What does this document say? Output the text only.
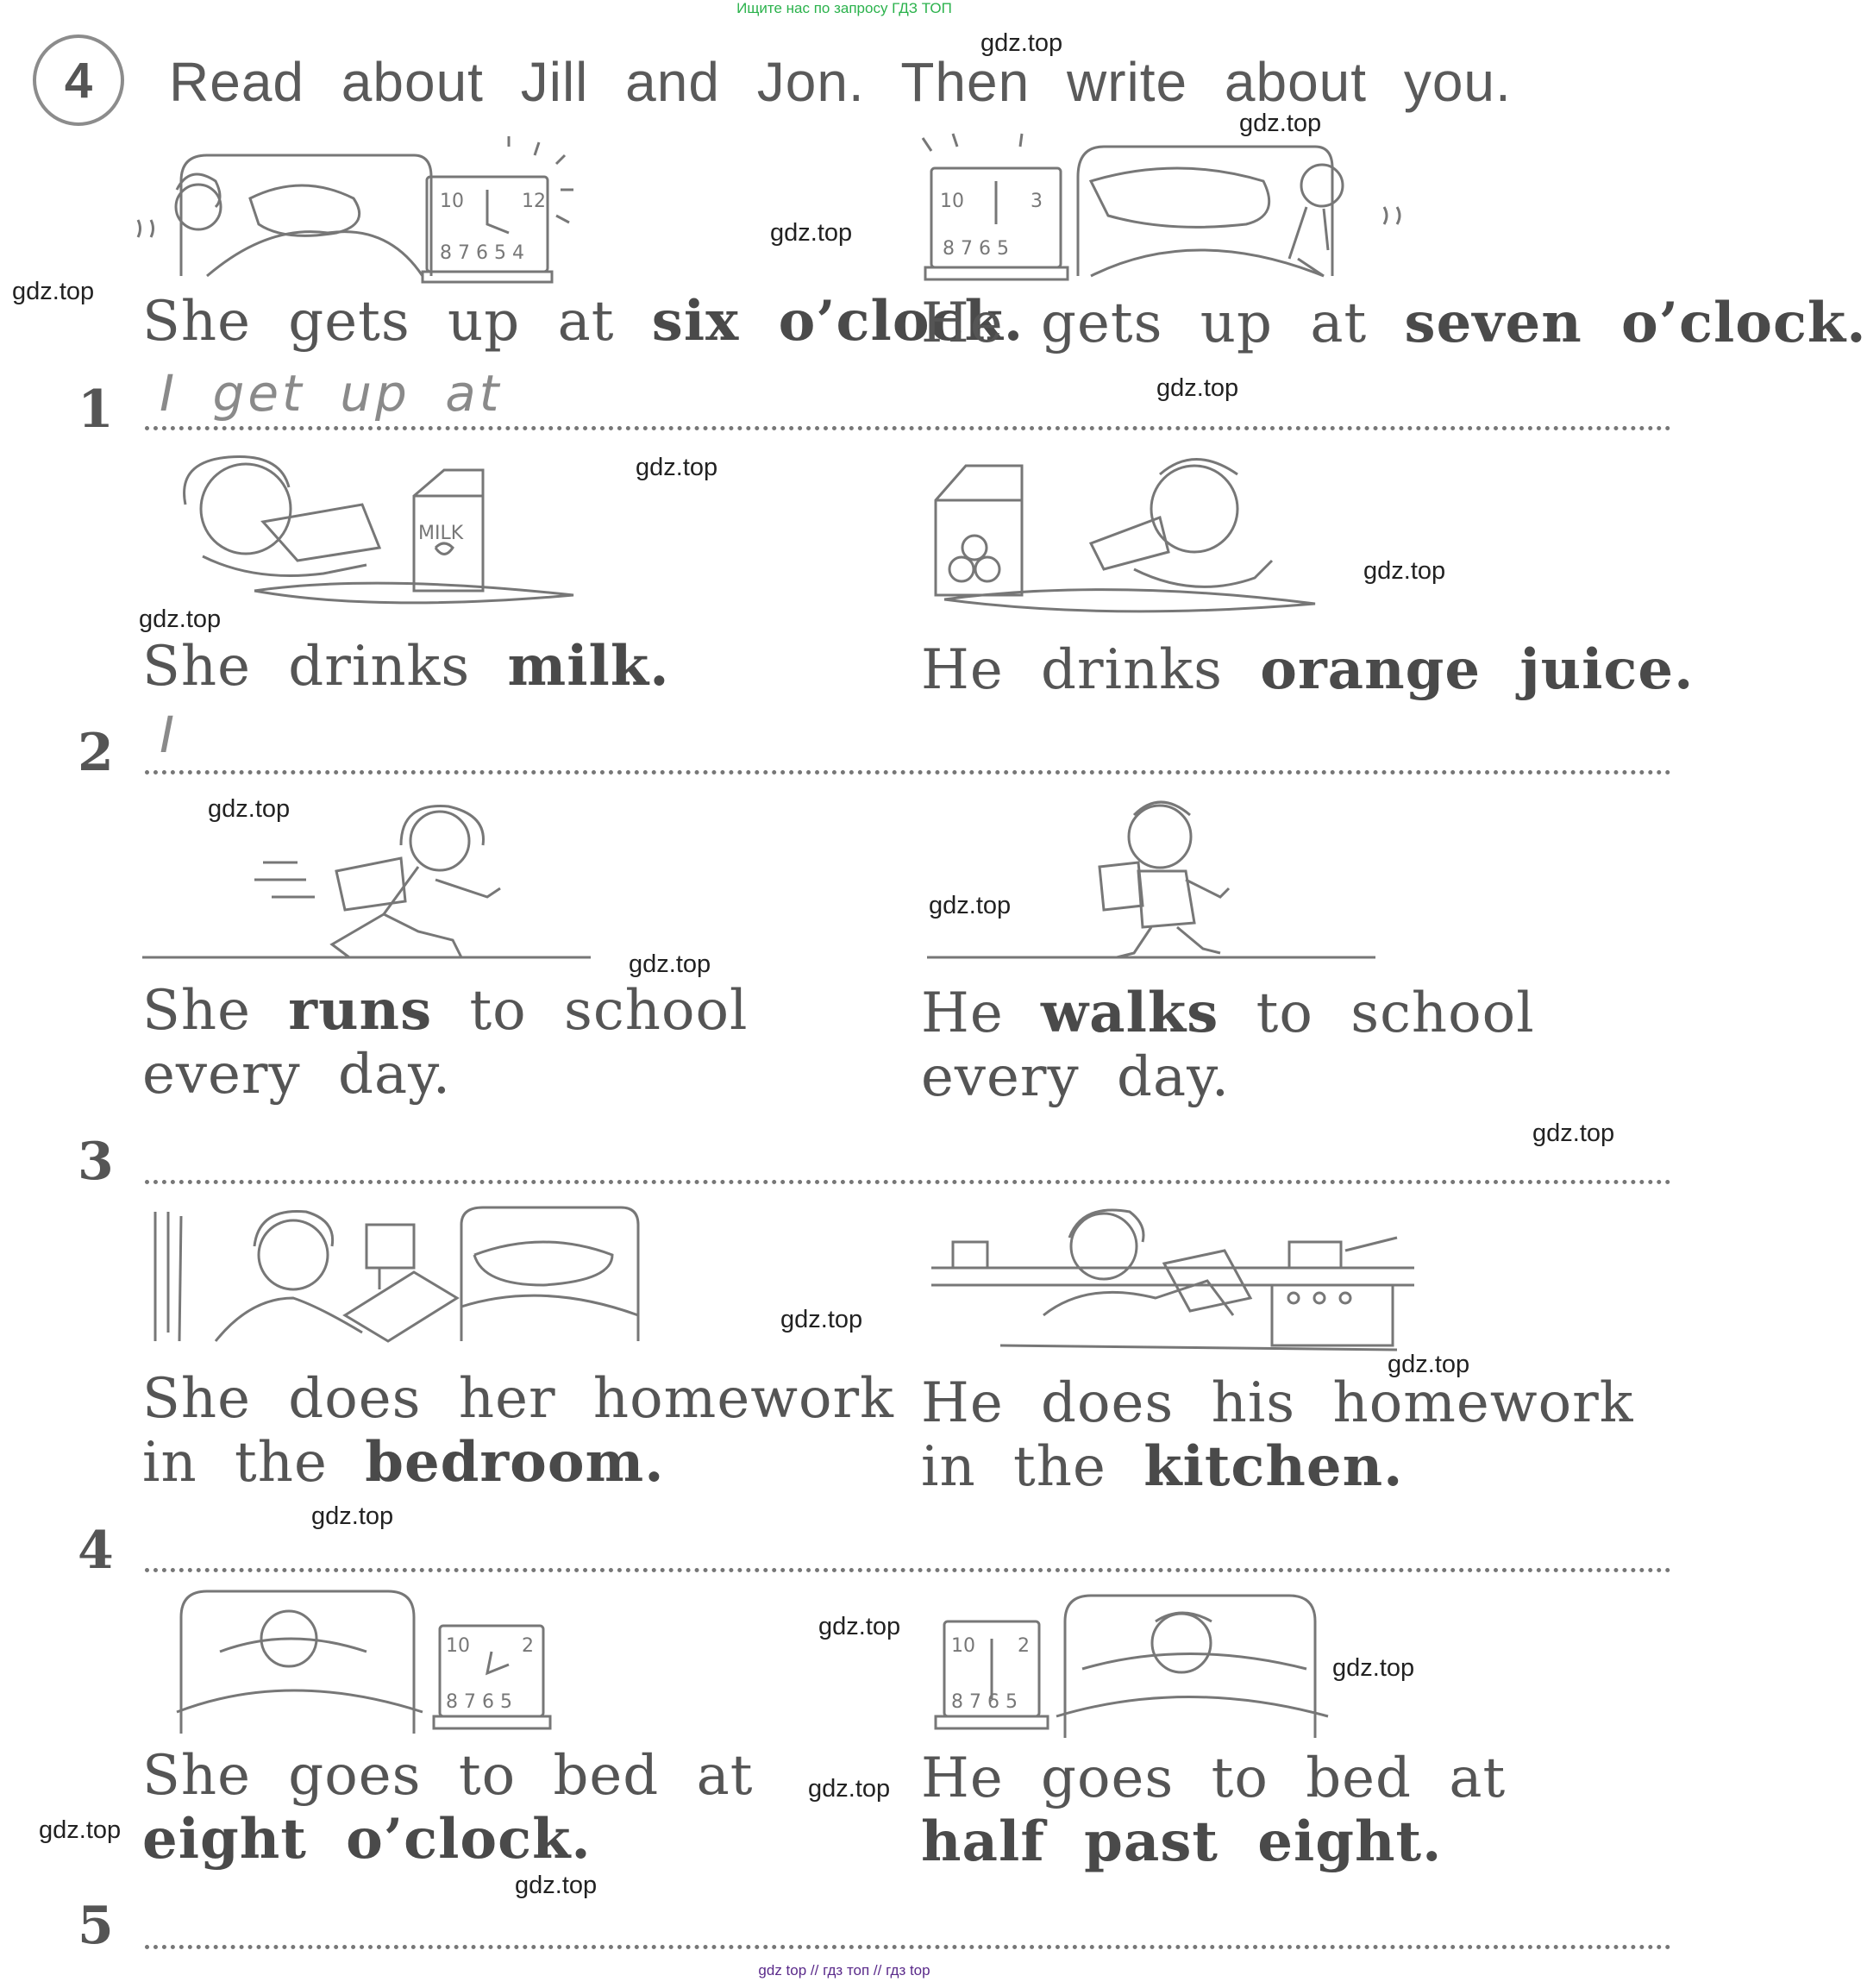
Ищите нас по запросу ГДЗ ТОП
4 Read about Jill and Jon. Then write about you.
10	12
8 7 6 5 4
10	3
8 7 6 5
She gets up at six o’clock.
He gets up at seven o’clock.
1 I get up at
MILK
She drinks milk.	He drinks orange juice.
2 I
She runs to school
every day.
He walks to school
every day.
3
She does her homework
in the bedroom.
He does his homework
in the kitchen.
4
10	2
8 7 6 5
10 2
8 7 6 5
She goes to bed at
eight o’clock.
He goes to bed at
half past eight.
5
gdz.top
gdz.top
gdz.top
gdz.top
gdz.top
gdz.top
gdz.top
gdz.top
gdz.top
gdz.top
gdz.top
gdz.top
gdz.top
gdz.top
gdz.top
gdz.top
gdz.top
gdz.top
gdz.top
gdz.top
gdz top // гдз топ // гдз top
